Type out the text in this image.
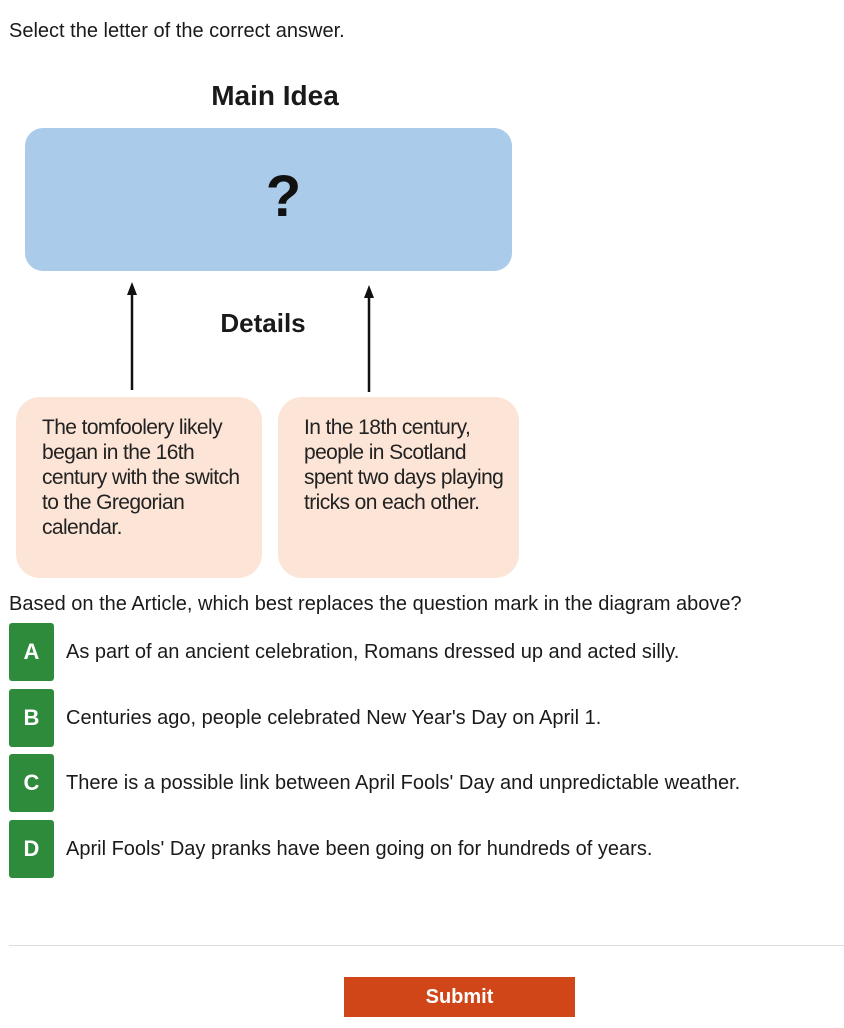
Select the letter of the correct answer.
Main Idea
?
Details
The tomfoolery likely began in the 16th century with the switch to the Gregorian calendar.
In the 18th century, people in Scotland spent two days playing tricks on each other.
Based on the Article, which best replaces the question mark in the diagram above?
A	As part of an ancient celebration, Romans dressed up and acted silly.
B	Centuries ago, people celebrated New Year's Day on April 1.
C	There is a possible link between April Fools' Day and unpredictable weather.
D	April Fools' Day pranks have been going on for hundreds of years.
Submit
